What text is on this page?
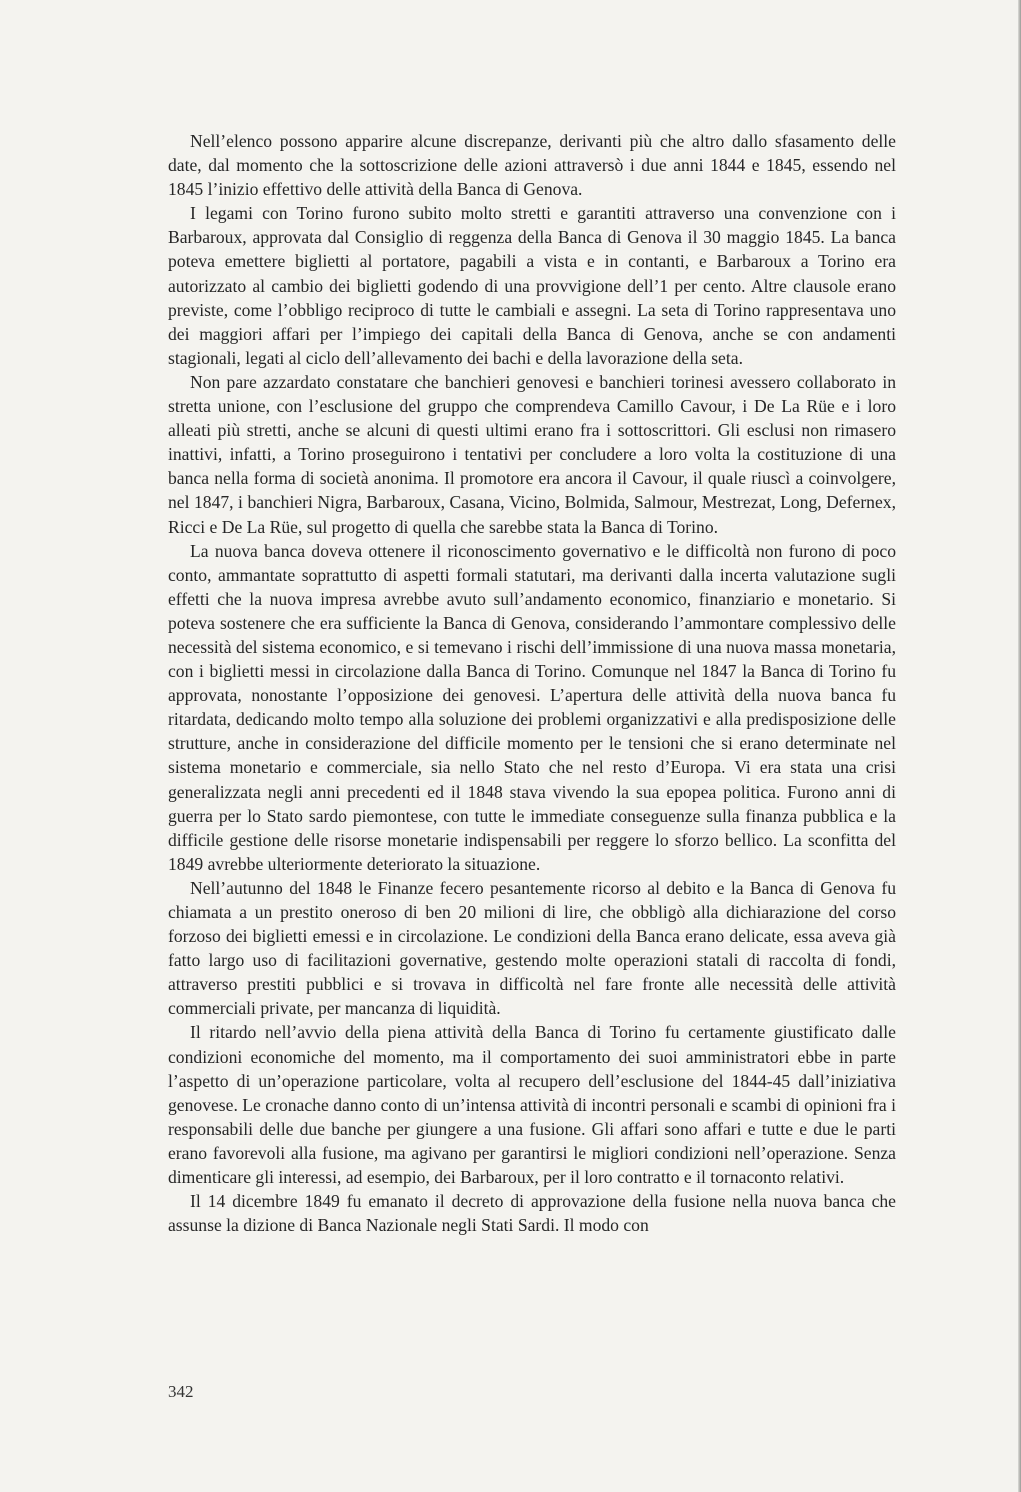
Nell’elenco possono apparire alcune discrepanze, derivanti più che altro dallo sfasamento delle date, dal momento che la sottoscrizione delle azioni attraversò i due anni 1844 e 1845, essendo nel 1845 l’inizio effettivo delle attività della Banca di Genova.

I legami con Torino furono subito molto stretti e garantiti attraverso una convenzione con i Barbaroux, approvata dal Consiglio di reggenza della Banca di Genova il 30 maggio 1845. La banca poteva emettere biglietti al portatore, pagabili a vista e in contanti, e Barbaroux a Torino era autorizzato al cambio dei biglietti godendo di una provvigione dell’1 per cento. Altre clausole erano previste, come l’obbligo reciproco di tutte le cambiali e assegni. La seta di Torino rappresentava uno dei maggiori affari per l’impiego dei capitali della Banca di Genova, anche se con andamenti stagionali, legati al ciclo dell’allevamento dei bachi e della lavorazione della seta.

Non pare azzardato constatare che banchieri genovesi e banchieri torinesi avessero collaborato in stretta unione, con l’esclusione del gruppo che comprendeva Camillo Cavour, i De La Rüe e i loro alleati più stretti, anche se alcuni di questi ultimi erano fra i sottoscrittori. Gli esclusi non rimasero inattivi, infatti, a Torino proseguirono i tentativi per concludere a loro volta la costituzione di una banca nella forma di società anonima. Il promotore era ancora il Cavour, il quale riuscì a coinvolgere, nel 1847, i banchieri Nigra, Barbaroux, Casana, Vicino, Bolmida, Salmour, Mestrezat, Long, Defernex, Ricci e De La Rüe, sul progetto di quella che sarebbe stata la Banca di Torino.

La nuova banca doveva ottenere il riconoscimento governativo e le difficoltà non furono di poco conto, ammantate soprattutto di aspetti formali statutari, ma derivanti dalla incerta valutazione sugli effetti che la nuova impresa avrebbe avuto sull’andamento economico, finanziario e monetario. Si poteva sostenere che era sufficiente la Banca di Genova, considerando l’ammontare complessivo delle necessità del sistema economico, e si temevano i rischi dell’immissione di una nuova massa monetaria, con i biglietti messi in circolazione dalla Banca di Torino. Comunque nel 1847 la Banca di Torino fu approvata, nonostante l’opposizione dei genovesi. L’apertura delle attività della nuova banca fu ritardata, dedicando molto tempo alla soluzione dei problemi organizzativi e alla predisposizione delle strutture, anche in considerazione del difficile momento per le tensioni che si erano determinate nel sistema monetario e commerciale, sia nello Stato che nel resto d’Europa. Vi era stata una crisi generalizzata negli anni precedenti ed il 1848 stava vivendo la sua epopea politica. Furono anni di guerra per lo Stato sardo piemontese, con tutte le immediate conseguenze sulla finanza pubblica e la difficile gestione delle risorse monetarie indispensabili per reggere lo sforzo bellico. La sconfitta del 1849 avrebbe ulteriormente deteriorato la situazione.

Nell’autunno del 1848 le Finanze fecero pesantemente ricorso al debito e la Banca di Genova fu chiamata a un prestito oneroso di ben 20 milioni di lire, che obbligò alla dichiarazione del corso forzoso dei biglietti emessi e in circolazione. Le condizioni della Banca erano delicate, essa aveva già fatto largo uso di facilitazioni governative, gestendo molte operazioni statali di raccolta di fondi, attraverso prestiti pubblici e si trovava in difficoltà nel fare fronte alle necessità delle attività commerciali private, per mancanza di liquidità.

Il ritardo nell’avvio della piena attività della Banca di Torino fu certamente giustificato dalle condizioni economiche del momento, ma il comportamento dei suoi amministratori ebbe in parte l’aspetto di un’operazione particolare, volta al recupero dell’esclusione del 1844-45 dall’iniziativa genovese. Le cronache danno conto di un’intensa attività di incontri personali e scambi di opinioni fra i responsabili delle due banche per giungere a una fusione. Gli affari sono affari e tutte e due le parti erano favorevoli alla fusione, ma agivano per garantirsi le migliori condizioni nell’operazione. Senza dimenticare gli interessi, ad esempio, dei Barbaroux, per il loro contratto e il tornaconto relativi.

Il 14 dicembre 1849 fu emanato il decreto di approvazione della fusione nella nuova banca che assunse la dizione di Banca Nazionale negli Stati Sardi. Il modo con

342
